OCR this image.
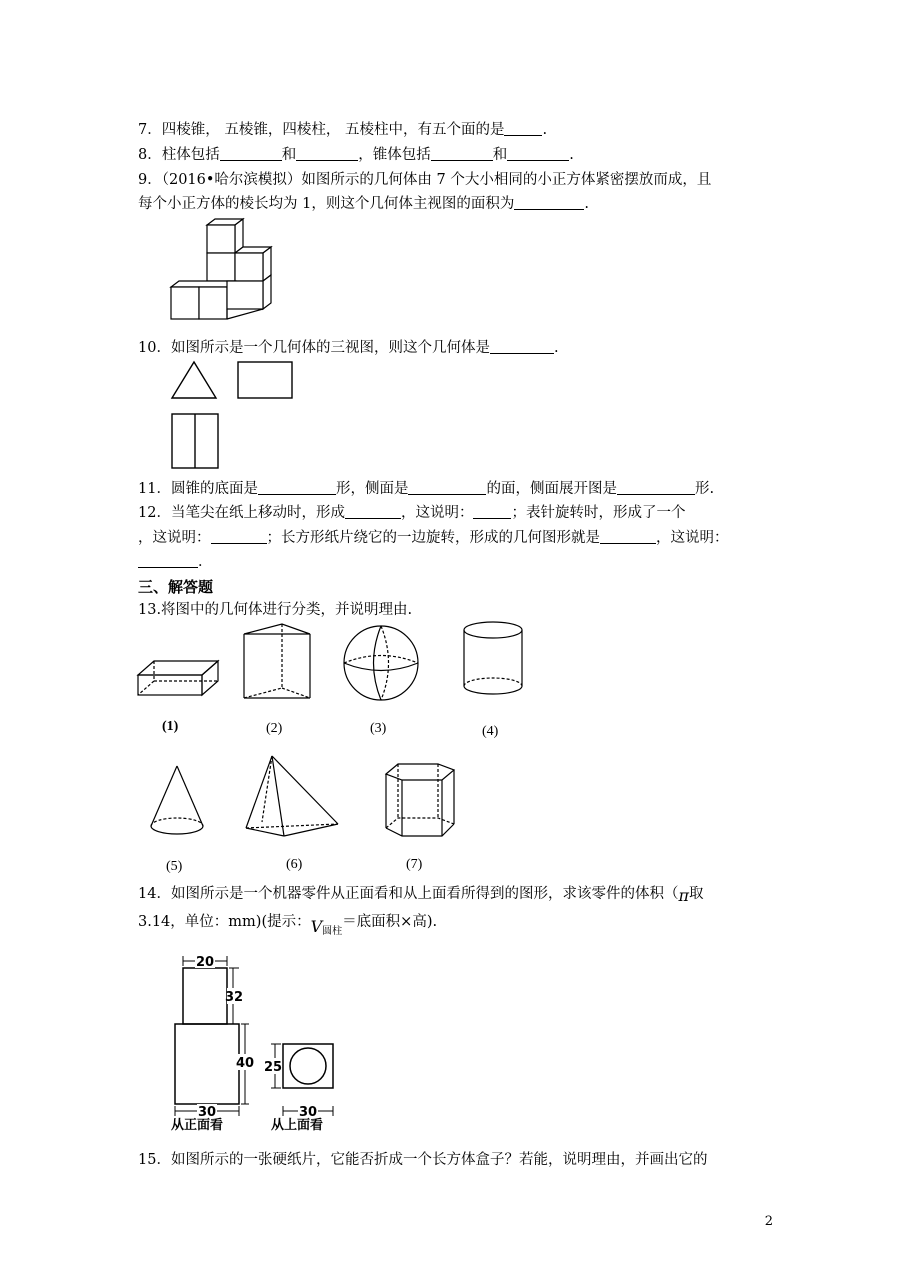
7．四棱锥， 五棱锥，四棱柱， 五棱柱中，有五个面的是	.
8．柱体包括	和	，锥体包括	和	.
9．（2016•哈尔滨模拟）如图所示的几何体由 7 个大小相同的小正方体紧密摆放而成，且
每个小正方体的棱长均为 1，则这个几何体主视图的面积为	.
10．如图所示是一个几何体的三视图，则这个几何体是	.
11．圆锥的底面是	形，侧面是	的面，侧面展开图是	形.
12．当笔尖在纸上移动时，形成	，这说明：	；表针旋转时，形成了一个
，这说明：	；长方形纸片绕它的一边旋转，形成的几何图形就是	，这说明：
．
三、解答题
13.将图中的几何体进行分类，并说明理由.
(1)	(2)	(3)	(4)
(5)	(6)	(7)
14．如图所示是一个机器零件从正面看和从上面看所得到的图形，求该零件的体积（π取
3.14，单位：mm)(提示：$V_{圆柱}=$底面积×高).
20
32
40
30
25
30
从正面看	从上面看
15．如图所示的一张硬纸片，它能否折成一个长方体盒子？若能，说明理由，并画出它的
2
